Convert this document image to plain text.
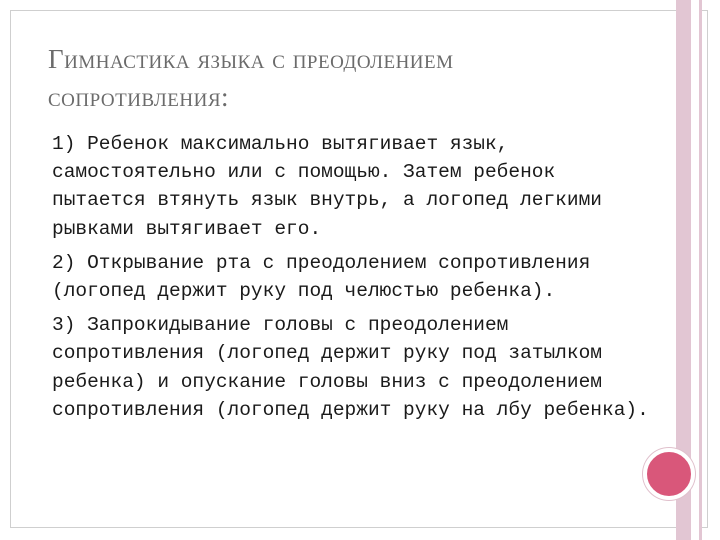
Гимнастика языка с преодолением сопротивления:
1) Ребенок максимально вытягивает язык, самостоятельно или с помощью. Затем ребенок пытается втянуть язык внутрь, а логопед легкими рывками вытягивает его.
2) Открывание рта с преодолением сопротивления (логопед держит руку под челюстью ребенка).
3) Запрокидывание головы с преодолением сопротивления (логопед держит руку под затылком ребенка) и опускание головы вниз с преодолением сопротивления (логопед держит руку на лбу ребенка).
